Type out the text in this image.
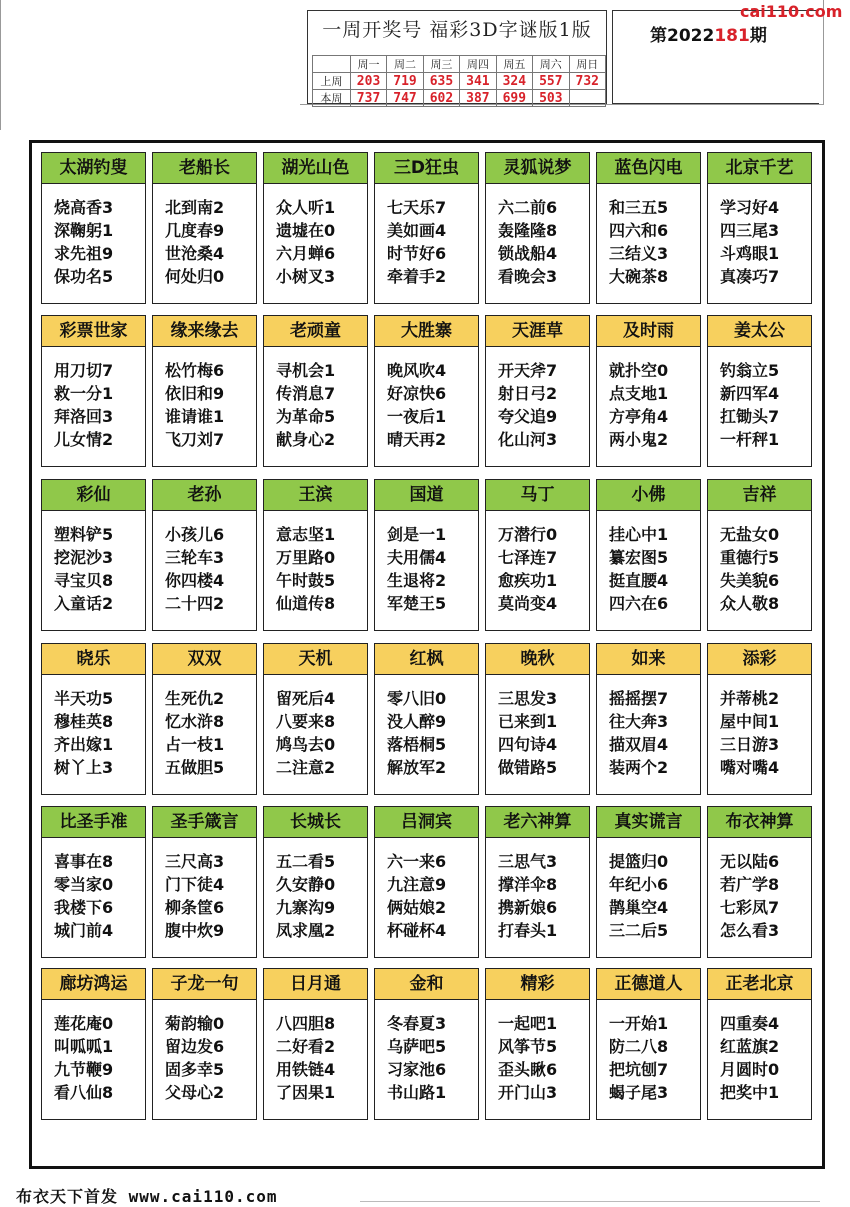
一周开奖号 福彩3D字谜版1版
	周一	周二	周三	周四	周五	周六	周日
上周	203	719	635	341	324	557	732
本周	737	747	602	387	699	503	
第2022181期
cai110.com
太湖钓叟
烧高香3
深鞠躬1
求先祖9
保功名5
老船长
北到南2
几度春9
世沧桑4
何处归0
湖光山色
众人听1
遗墟在0
六月蝉6
小树叉3
三D狂虫
七天乐7
美如画4
时节好6
牵着手2
灵狐说梦
六二前6
轰隆隆8
锁战船4
看晚会3
蓝色闪电
和三五5
四六和6
三结义3
大碗茶8
北京千艺
学习好4
四三尾3
斗鸡眼1
真凑巧7
彩票世家
用刀切7
救一分1
拜洛回3
儿女情2
缘来缘去
松竹梅6
依旧和9
谁请谁1
飞刀刘7
老顽童
寻机会1
传消息7
为革命5
献身心2
大胜寨
晚风吹4
好凉快6
一夜后1
晴天再2
天涯草
开天斧7
射日弓2
夸父追9
化山河3
及时雨
就扑空0
点支地1
方亭角4
两小鬼2
姜太公
钓翁立5
新四军4
扛锄头7
一杆秤1
彩仙
塑料铲5
挖泥沙3
寻宝贝8
入童话2
老孙
小孩儿6
三轮车3
你四楼4
二十四2
王滨
意志坚1
万里路0
午时鼓5
仙道传8
国道
剑是一1
夫用儒4
生退将2
军楚王5
马丁
万潜行0
七泽连7
愈疾功1
莫尚变4
小佛
挂心中1
纂宏图5
挺直腰4
四六在6
吉祥
无盐女0
重德行5
失美貌6
众人敬8
晓乐
半天功5
穆桂英8
齐出嫁1
树丫上3
双双
生死仇2
忆水浒8
占一枝1
五做胆5
天机
留死后4
八要来8
鸠鸟去0
二注意2
红枫
零八旧0
没人醉9
落梧桐5
解放军2
晚秋
三思发3
已来到1
四句诗4
做错路5
如来
摇摇摆7
往大奔3
描双眉4
装两个2
添彩
并蒂桃2
屋中间1
三日游3
嘴对嘴4
比圣手准
喜事在8
零当家0
我楼下6
城门前4
圣手箴言
三尺高3
门下徒4
柳条筐6
腹中炊9
长城长
五二看5
久安静0
九寨沟9
凤求凰2
吕洞宾
六一来6
九注意9
俩姑娘2
杯碰杯4
老六神算
三思气3
撑洋伞8
携新娘6
打春头1
真实谎言
提篮归0
年纪小6
鹊巢空4
三二后5
布衣神算
无以陆6
若广学8
七彩凤7
怎么看3
廊坊鸿运
莲花庵0
叫呱呱1
九节鞭9
看八仙8
子龙一句
菊韵输0
留边发6
固多幸5
父母心2
日月通
八四胆8
二好看2
用铁链4
了因果1
金和
冬春夏3
乌萨吧5
习家池6
书山路1
精彩
一起吧1
风筝节5
歪头瞅6
开门山3
正德道人
一开始1
防二八8
把坑刨7
蝎子尾3
正老北京
四重奏4
红蓝旗2
月圆时0
把奖中1
布衣天下首发 www.cai110.com
